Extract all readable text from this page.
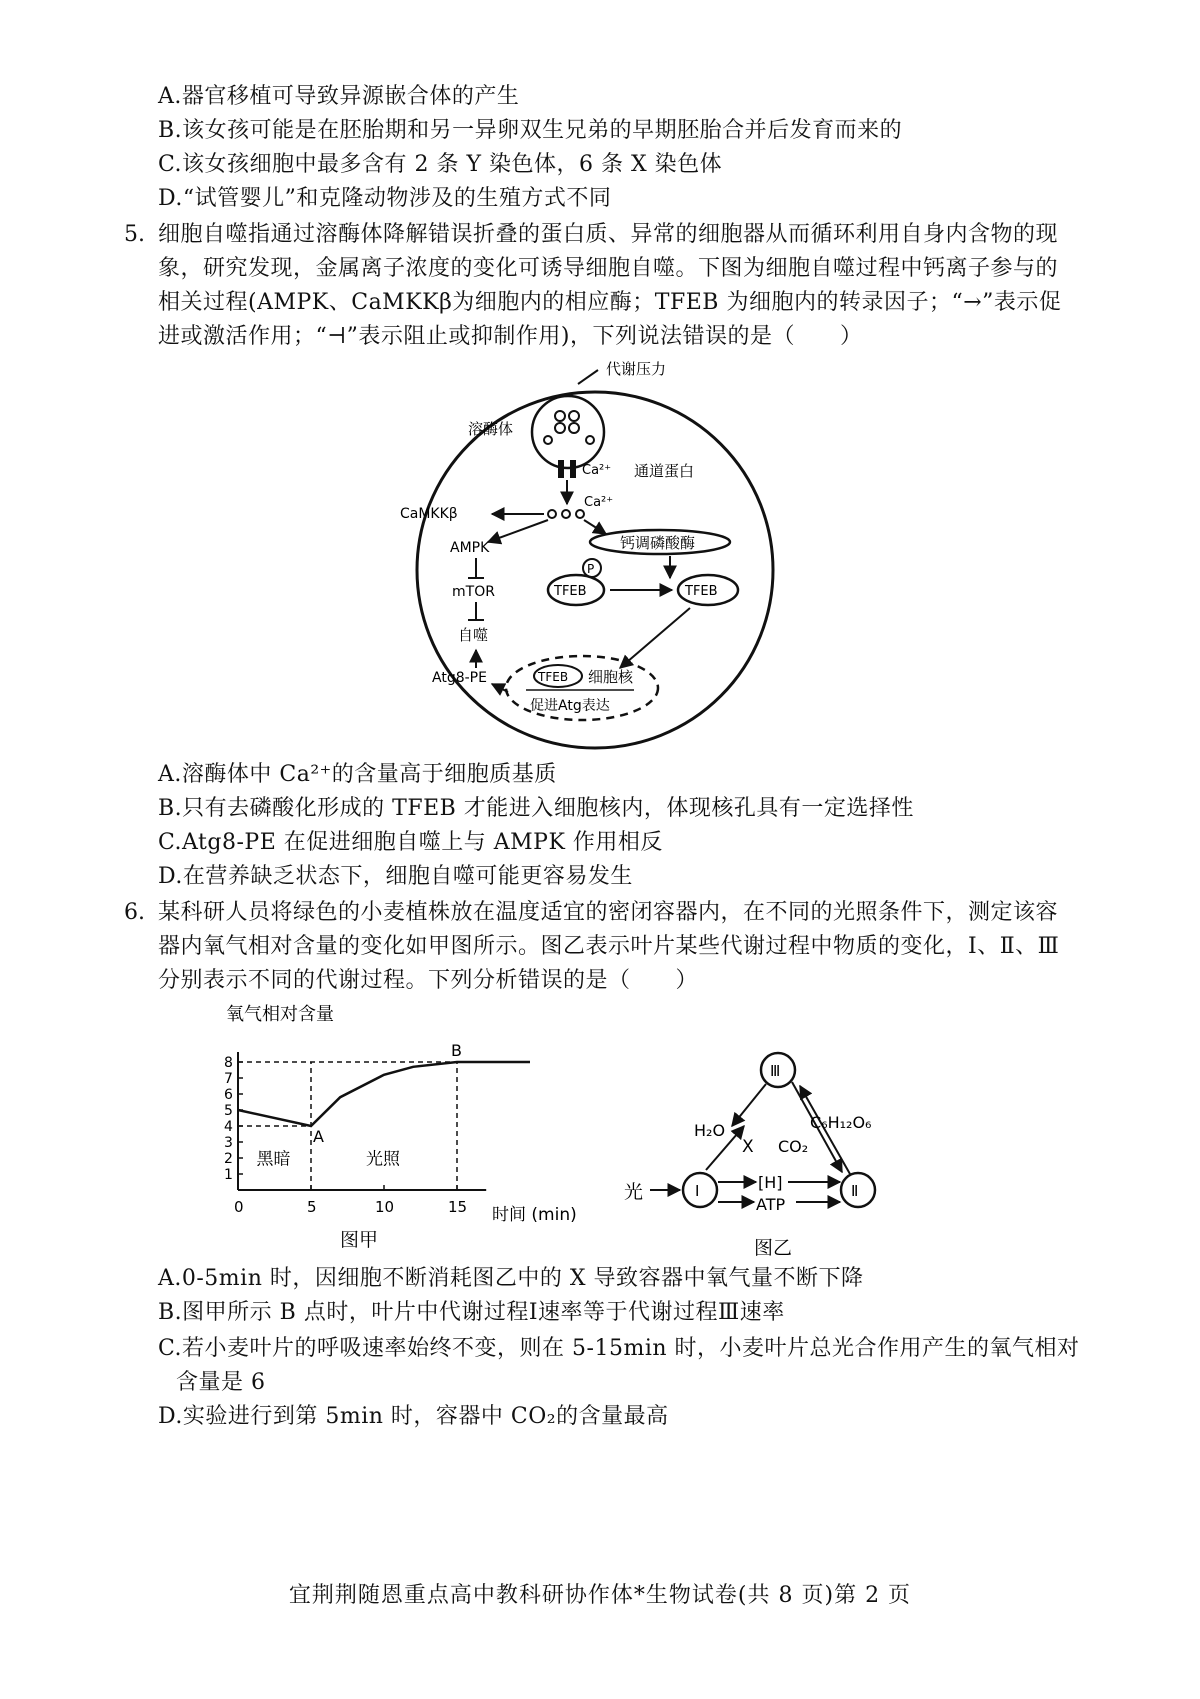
A.器官移植可导致异源嵌合体的产生
B.该女孩可能是在胚胎期和另一异卵双生兄弟的早期胚胎合并后发育而来的
C.该女孩细胞中最多含有 2 条 Y 染色体，6 条 X 染色体
D.“试管婴儿”和克隆动物涉及的生殖方式不同
5. 细胞自噬指通过溶酶体降解错误折叠的蛋白质、异常的细胞器从而循环利用自身内含物的现
象，研究发现，金属离子浓度的变化可诱导细胞自噬。下图为细胞自噬过程中钙离子参与的
相关过程(AMPK、CaMKKβ为细胞内的相应酶；TFEB 为细胞内的转录因子；“→”表示促
进或激活作用；“⊣”表示阻止或抑制作用)，下列说法错误的是（　　）
代谢压力
溶酶体
Ca²⁺ 通道蛋白
Ca²⁺
CaMKKβ
AMPK
mTOR
自噬
Atg8-PE
钙调磷酸酶
P
TFEB	TFEB
TFEB 细胞核
促进Atg表达
A.溶酶体中 Ca²⁺的含量高于细胞质基质
B.只有去磷酸化形成的 TFEB 才能进入细胞核内，体现核孔具有一定选择性
C.Atg8-PE 在促进细胞自噬上与 AMPK 作用相反
D.在营养缺乏状态下，细胞自噬可能更容易发生
6. 某科研人员将绿色的小麦植株放在温度适宜的密闭容器内，在不同的光照条件下，测定该容
器内氧气相对含量的变化如甲图所示。图乙表示叶片某些代谢过程中物质的变化，Ⅰ、Ⅱ、Ⅲ
分别表示不同的代谢过程。下列分析错误的是（　　）
氧气相对含量
1
2
3
4
5
6
7
8
0	5	10	15
黑暗	光照
A
B
时间 (min)
图甲
Ⅲ
Ⅰ	Ⅱ
光
H₂O
X
C₆H₁₂O₆
CO₂
[H]
ATP
图乙
A.0-5min 时，因细胞不断消耗图乙中的 X 导致容器中氧气量不断下降
B.图甲所示 B 点时，叶片中代谢过程Ⅰ速率等于代谢过程Ⅲ速率
C.若小麦叶片的呼吸速率始终不变，则在 5-15min 时，小麦叶片总光合作用产生的氧气相对
含量是 6
D.实验进行到第 5min 时，容器中 CO₂的含量最高
宜荆荆随恩重点高中教科研协作体*生物试卷(共 8 页)第 2 页
